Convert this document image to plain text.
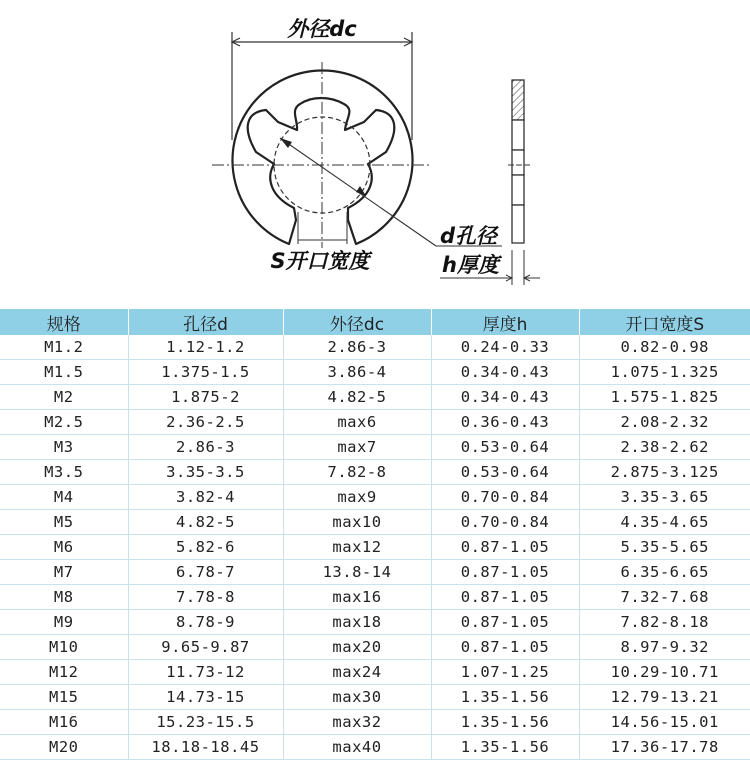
外径dc
d孔径
S开口宽度	h厚度
规格	孔径d	外径dc	厚度h	开口宽度S
M1.2	1.12-1.2	2.86-3	0.24-0.33	0.82-0.98
M1.5	1.375-1.5	3.86-4	0.34-0.43	1.075-1.325
M2	1.875-2	4.82-5	0.34-0.43	1.575-1.825
M2.5	2.36-2.5	max6	0.36-0.43	2.08-2.32
M3	2.86-3	max7	0.53-0.64	2.38-2.62
M3.5	3.35-3.5	7.82-8	0.53-0.64	2.875-3.125
M4	3.82-4	max9	0.70-0.84	3.35-3.65
M5	4.82-5	max10	0.70-0.84	4.35-4.65
M6	5.82-6	max12	0.87-1.05	5.35-5.65
M7	6.78-7	13.8-14	0.87-1.05	6.35-6.65
M8	7.78-8	max16	0.87-1.05	7.32-7.68
M9	8.78-9	max18	0.87-1.05	7.82-8.18
M10	9.65-9.87	max20	0.87-1.05	8.97-9.32
M12	11.73-12	max24	1.07-1.25	10.29-10.71
M15	14.73-15	max30	1.35-1.56	12.79-13.21
M16	15.23-15.5	max32	1.35-1.56	14.56-15.01
M20	18.18-18.45	max40	1.35-1.56	17.36-17.78
